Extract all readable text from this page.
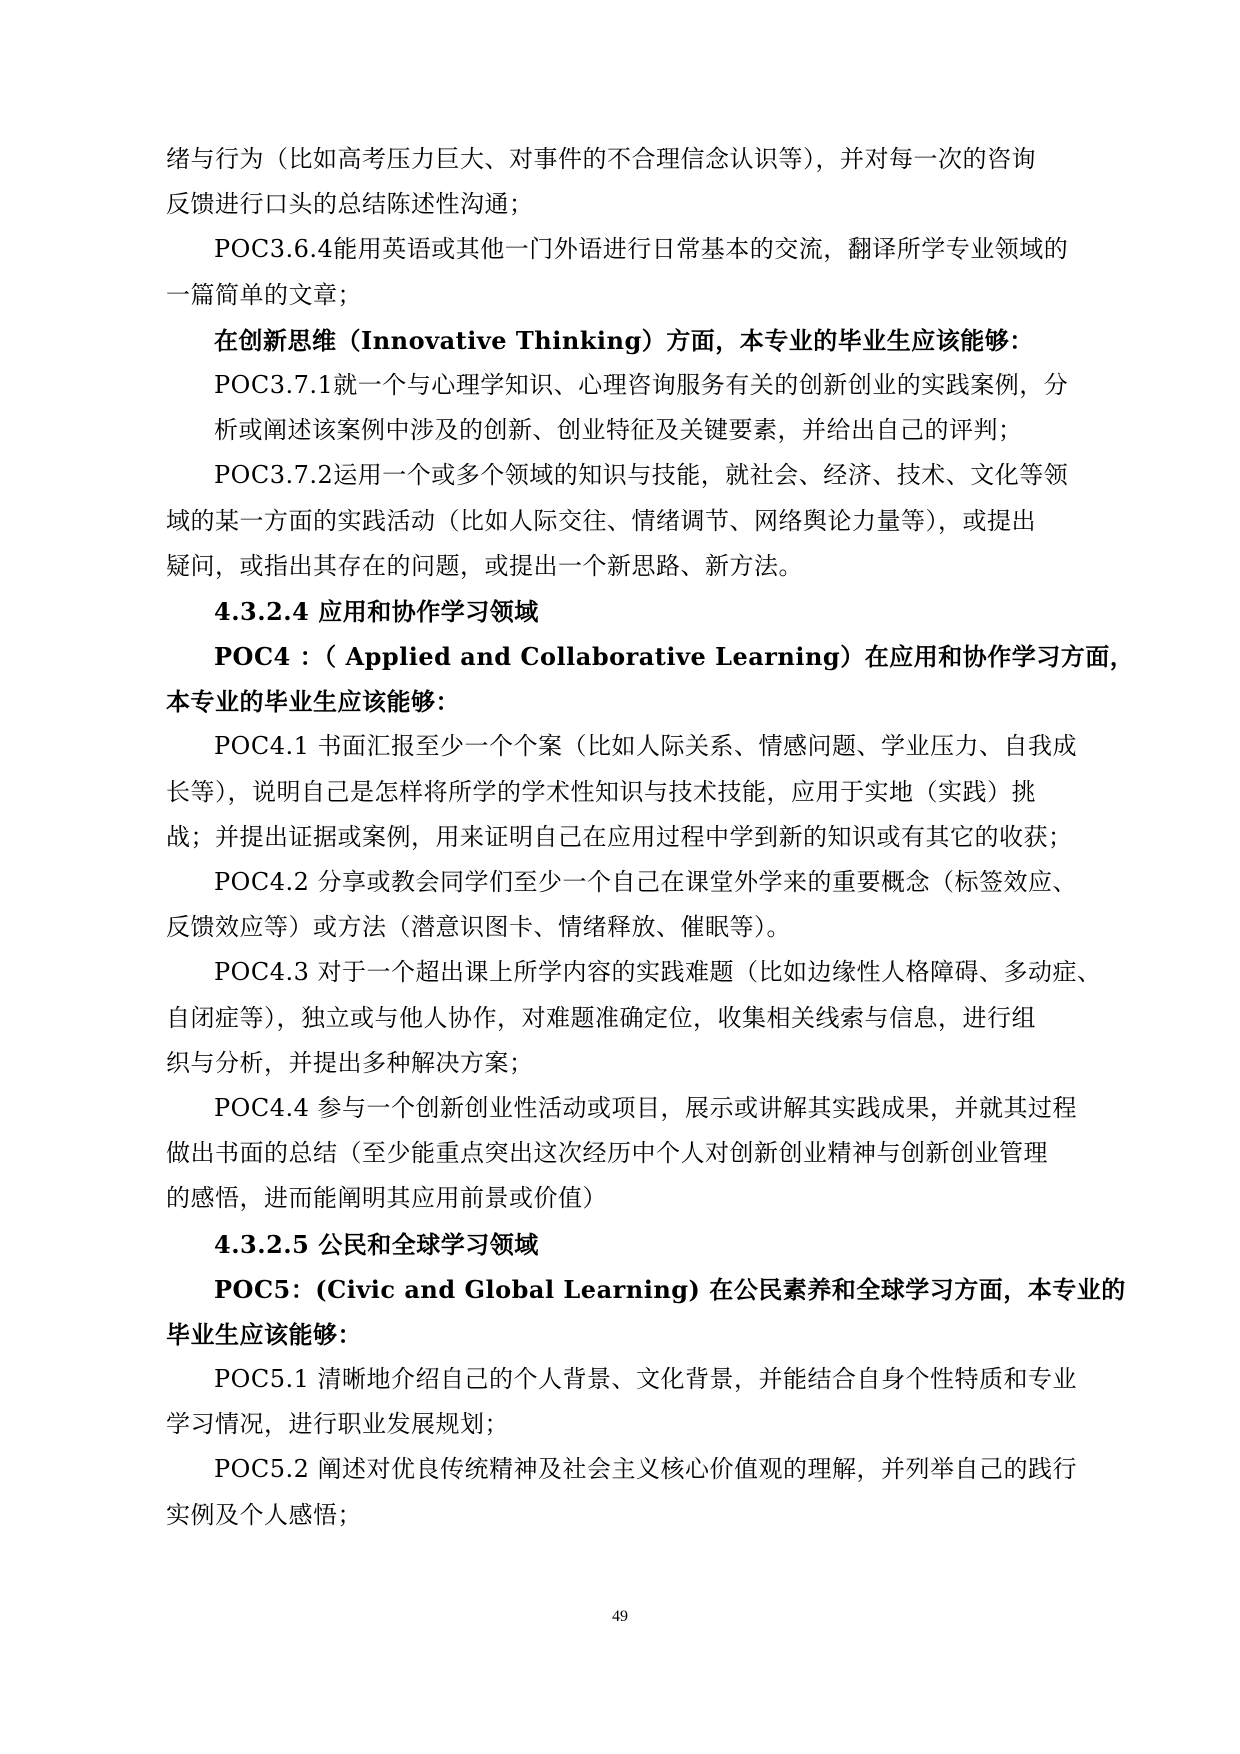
绪与行为（比如高考压力巨大、对事件的不合理信念认识等），并对每一次的咨询
反馈进行口头的总结陈述性沟通；
POC3.6.4能用英语或其他一门外语进行日常基本的交流，翻译所学专业领域的
一篇简单的文章；
在创新思维（Innovative Thinking）方面，本专业的毕业生应该能够：
POC3.7.1就一个与心理学知识、心理咨询服务有关的创新创业的实践案例，分
析或阐述该案例中涉及的创新、创业特征及关键要素，并给出自己的评判；
POC3.7.2运用一个或多个领域的知识与技能，就社会、经济、技术、文化等领
域的某一方面的实践活动（比如人际交往、情绪调节、网络舆论力量等），或提出
疑问，或指出其存在的问题，或提出一个新思路、新方法。
4.3.2.4 应用和协作学习领域
POC4 ：（ Applied and Collaborative Learning）在应用和协作学习方面，
本专业的毕业生应该能够：
POC4.1 书面汇报至少一个个案（比如人际关系、情感问题、学业压力、自我成
长等），说明自己是怎样将所学的学术性知识与技术技能，应用于实地（实践）挑
战；并提出证据或案例，用来证明自己在应用过程中学到新的知识或有其它的收获；
POC4.2 分享或教会同学们至少一个自己在课堂外学来的重要概念（标签效应、
反馈效应等）或方法（潜意识图卡、情绪释放、催眠等）。
POC4.3 对于一个超出课上所学内容的实践难题（比如边缘性人格障碍、多动症、
自闭症等），独立或与他人协作，对难题准确定位，收集相关线索与信息，进行组
织与分析，并提出多种解决方案；
POC4.4 参与一个创新创业性活动或项目，展示或讲解其实践成果，并就其过程
做出书面的总结（至少能重点突出这次经历中个人对创新创业精神与创新创业管理
的感悟，进而能阐明其应用前景或价值）
4.3.2.5 公民和全球学习领域
POC5：(Civic and Global Learning) 在公民素养和全球学习方面，本专业的
毕业生应该能够：
POC5.1 清晰地介绍自己的个人背景、文化背景，并能结合自身个性特质和专业
学习情况，进行职业发展规划；
POC5.2 阐述对优良传统精神及社会主义核心价值观的理解，并列举自己的践行
实例及个人感悟；
49
